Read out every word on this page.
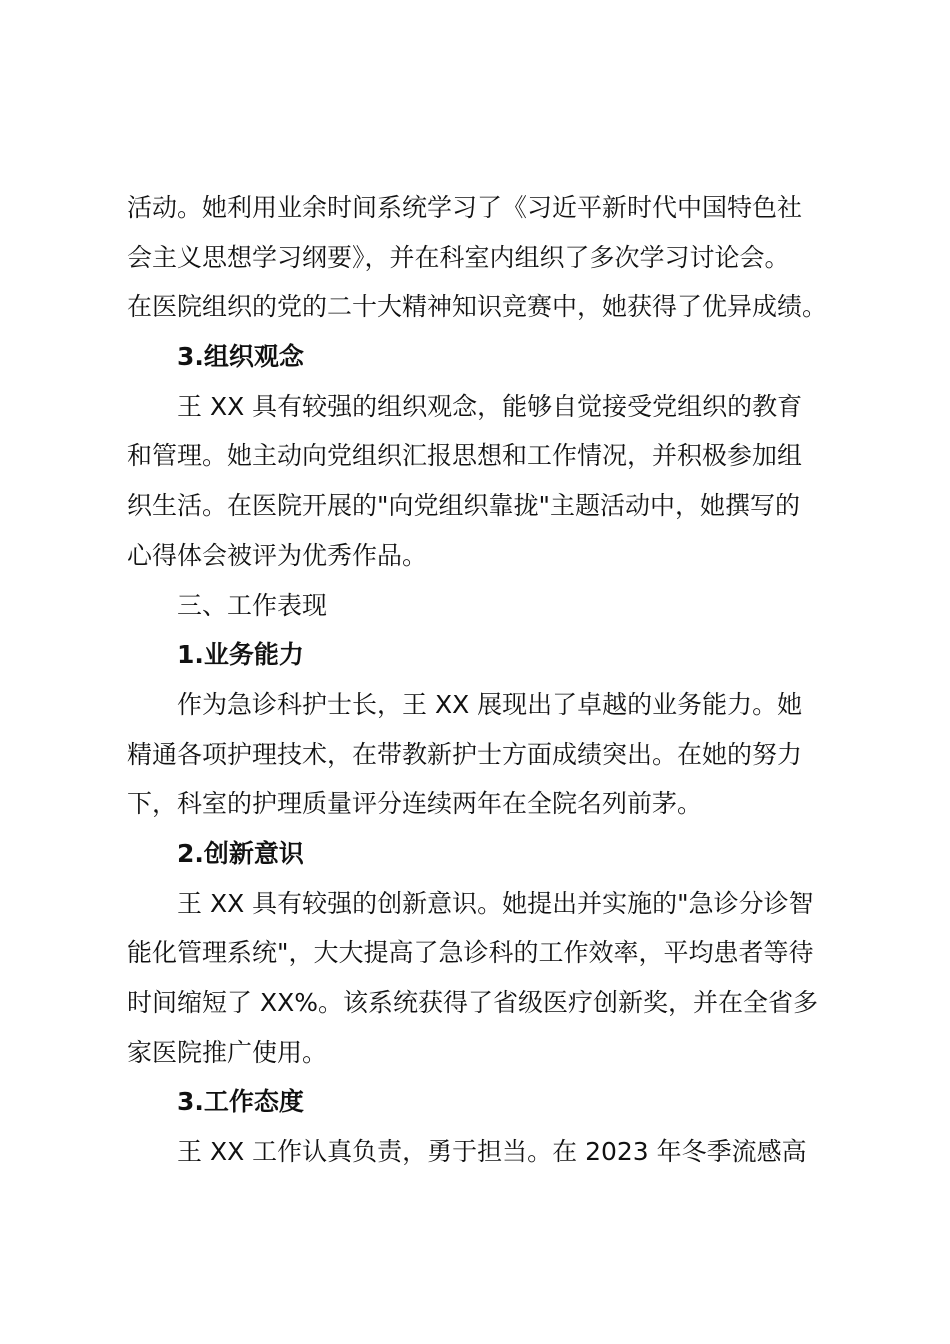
活动。她利用业余时间系统学习了《习近平新时代中国特色社
会主义思想学习纲要》，并在科室内组织了多次学习讨论会。
在医院组织的党的二十大精神知识竞赛中，她获得了优异成绩。
3.组织观念
王 XX 具有较强的组织观念，能够自觉接受党组织的教育
和管理。她主动向党组织汇报思想和工作情况，并积极参加组
织生活。在医院开展的"向党组织靠拢"主题活动中，她撰写的
心得体会被评为优秀作品。
三、工作表现
1.业务能力
作为急诊科护士长，王 XX 展现出了卓越的业务能力。她
精通各项护理技术，在带教新护士方面成绩突出。在她的努力
下，科室的护理质量评分连续两年在全院名列前茅。
2.创新意识
王 XX 具有较强的创新意识。她提出并实施的"急诊分诊智
能化管理系统"，大大提高了急诊科的工作效率，平均患者等待
时间缩短了 XX%。该系统获得了省级医疗创新奖，并在全省多
家医院推广使用。
3.工作态度
王 XX 工作认真负责，勇于担当。在 2023 年冬季流感高
